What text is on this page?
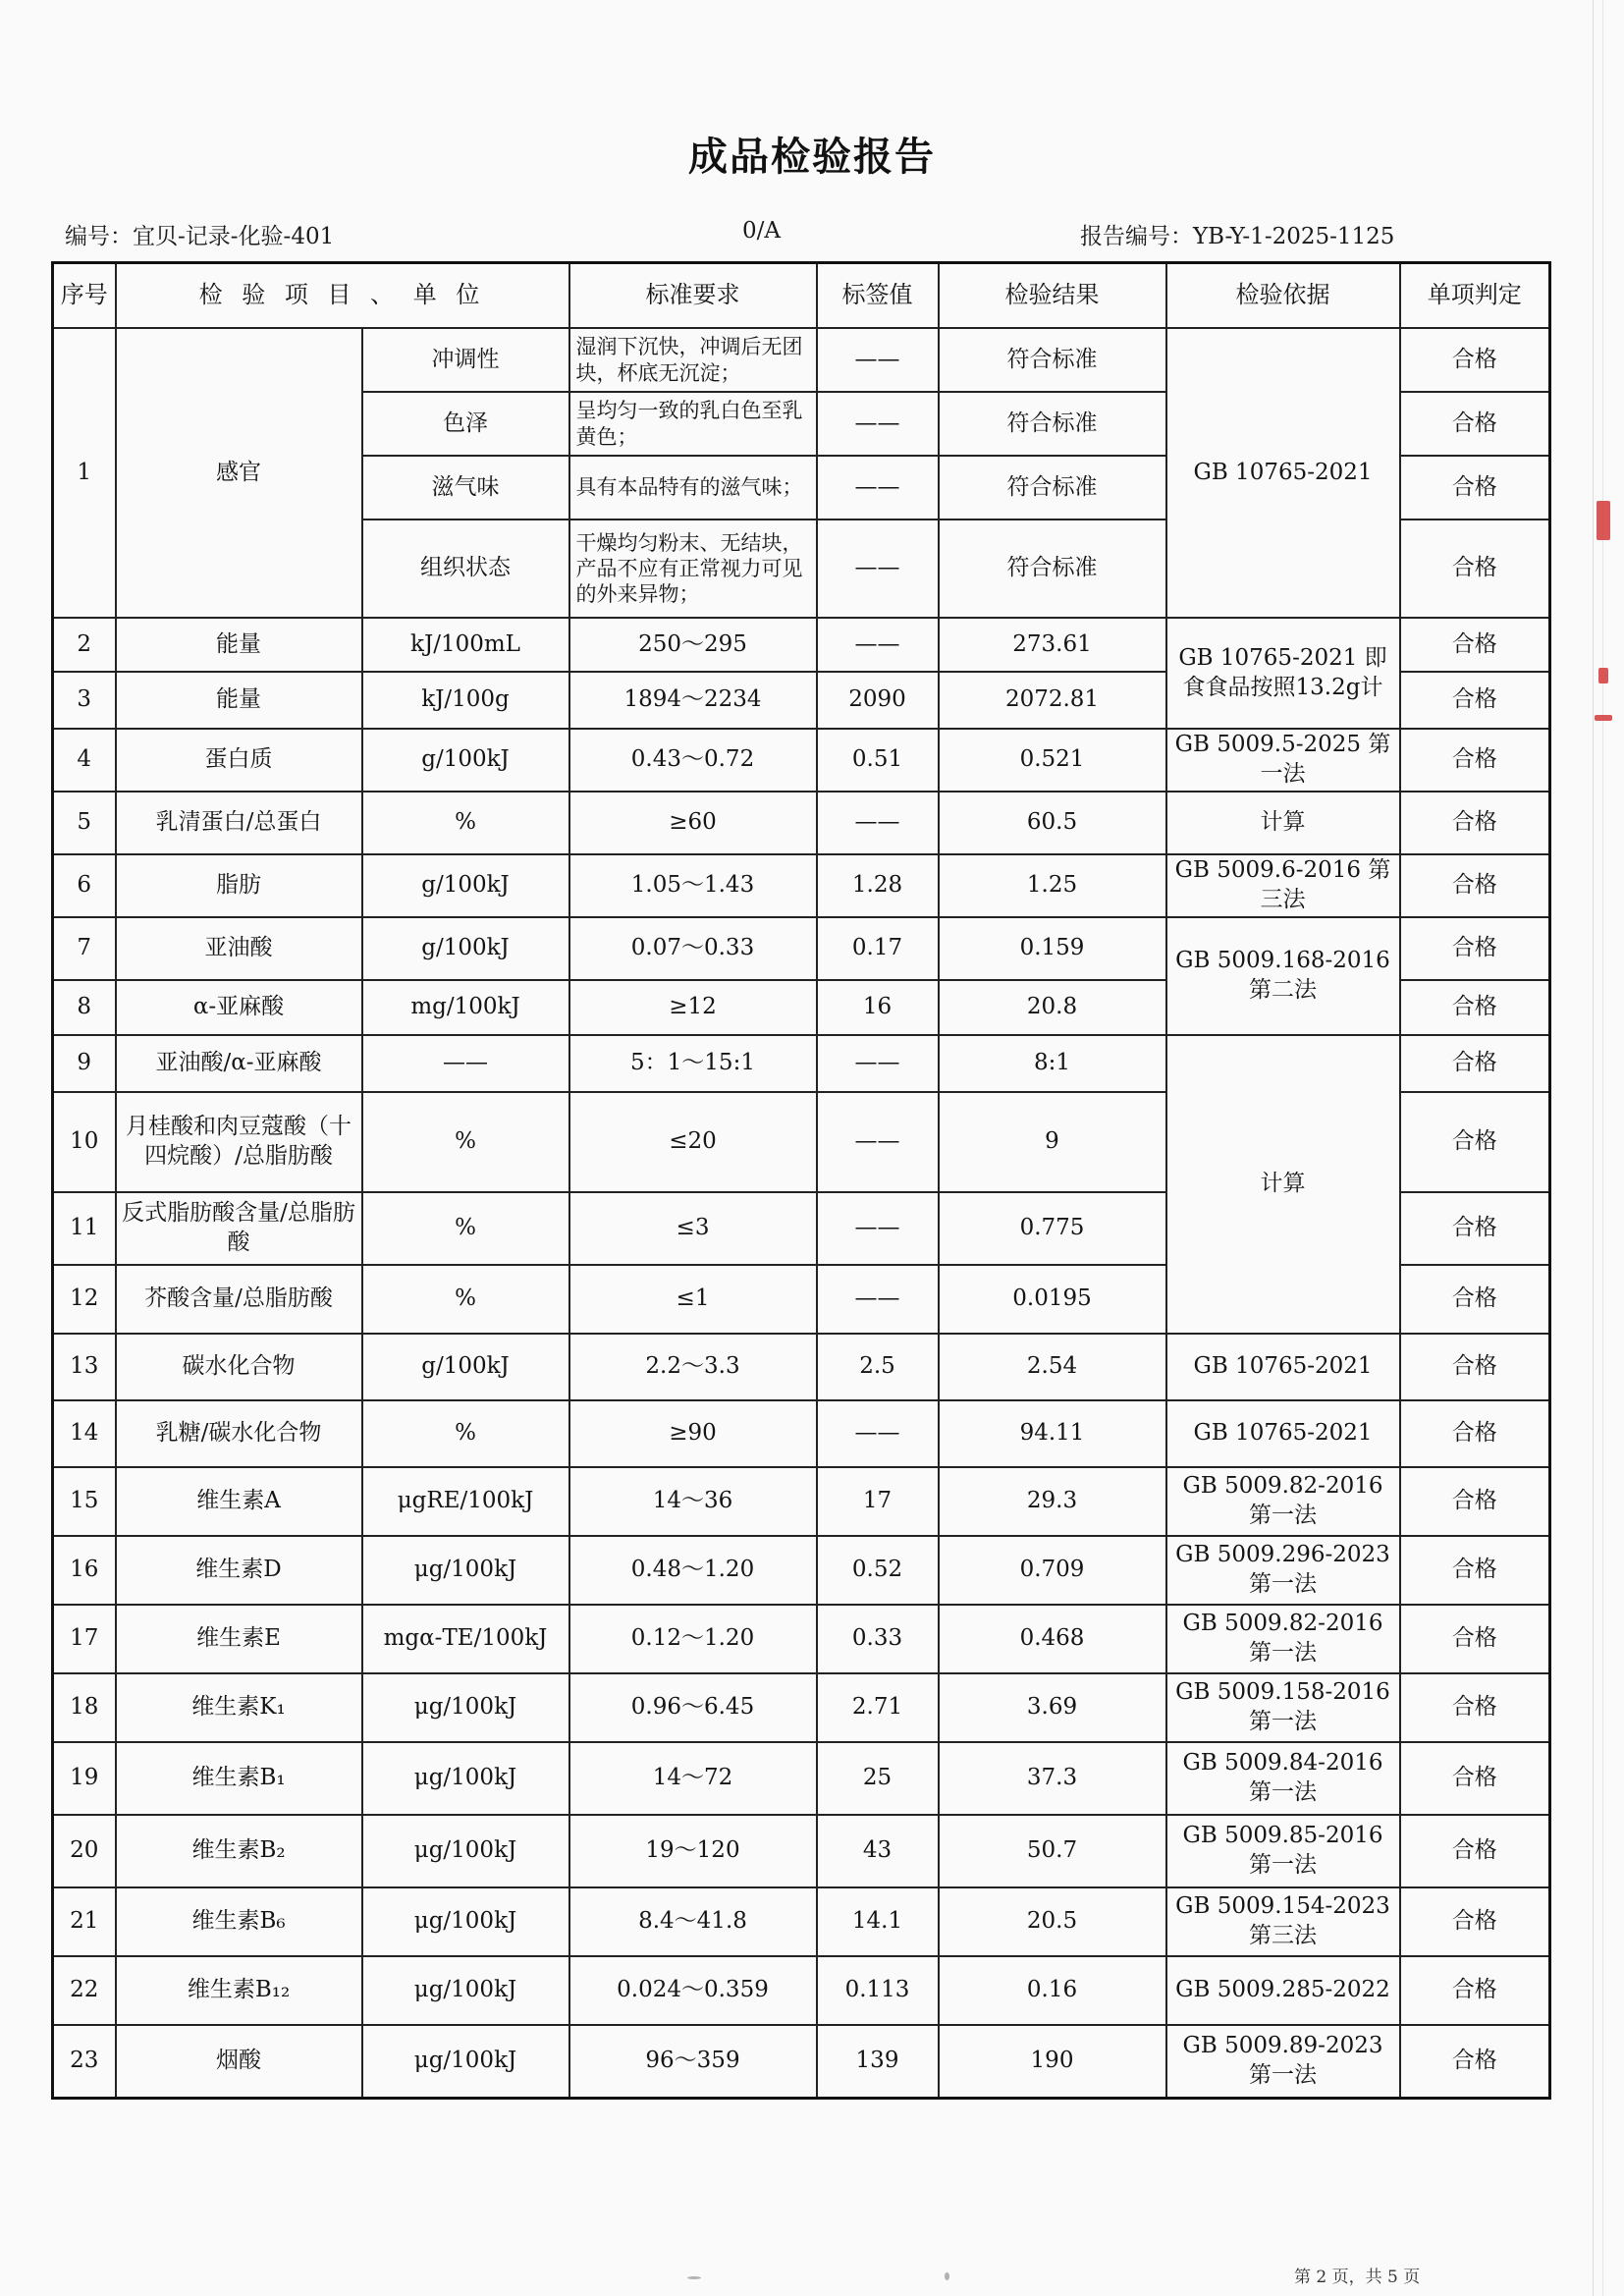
成品检验报告
编号：宜贝-记录-化验-401	0/A	报告编号：YB-Y-1-2025-1125
序号	检 验 项 目 、 单 位		标准要求	标签值	检验结果	检验依据	单项判定
1	感官	冲调性	湿润下沉快，冲调后无团块，杯底无沉淀；	——	符合标准	GB 10765-2021	合格
		色泽	呈均匀一致的乳白色至乳黄色；	——	符合标准		合格
		滋气味	具有本品特有的滋气味；	——	符合标准		合格
		组织状态	干燥均匀粉末、无结块，产品不应有正常视力可见的外来异物；	——	符合标准		合格
2	能量	kJ/100mL	250～295	——	273.61	GB 10765-2021 即食食品按照13.2g计	合格
3	能量	kJ/100g	1894～2234	2090	2072.81		合格
4	蛋白质	g/100kJ	0.43～0.72	0.51	0.521	GB 5009.5-2025 第一法	合格
5	乳清蛋白/总蛋白	%	≥60	——	60.5	计算	合格
6	脂肪	g/100kJ	1.05～1.43	1.28	1.25	GB 5009.6-2016 第三法	合格
7	亚油酸	g/100kJ	0.07～0.33	0.17	0.159	GB 5009.168-2016 第二法	合格
8	α-亚麻酸	mg/100kJ	≥12	16	20.8		合格
9	亚油酸/α-亚麻酸	——	5：1～15:1	——	8:1	计算	合格
10	月桂酸和肉豆蔻酸（十四烷酸）/总脂肪酸	%	≤20	——	9		合格
11	反式脂肪酸含量/总脂肪酸	%	≤3	——	0.775		合格
12	芥酸含量/总脂肪酸	%	≤1	——	0.0195		合格
13	碳水化合物	g/100kJ	2.2～3.3	2.5	2.54	GB 10765-2021	合格
14	乳糖/碳水化合物	%	≥90	——	94.11	GB 10765-2021	合格
15	维生素A	μgRE/100kJ	14～36	17	29.3	GB 5009.82-2016 第一法	合格
16	维生素D	μg/100kJ	0.48～1.20	0.52	0.709	GB 5009.296-2023 第一法	合格
17	维生素E	mgα-TE/100kJ	0.12～1.20	0.33	0.468	GB 5009.82-2016 第一法	合格
18	维生素K₁	μg/100kJ	0.96～6.45	2.71	3.69	GB 5009.158-2016 第一法	合格
19	维生素B₁	μg/100kJ	14～72	25	37.3	GB 5009.84-2016 第一法	合格
20	维生素B₂	μg/100kJ	19～120	43	50.7	GB 5009.85-2016 第一法	合格
21	维生素B₆	μg/100kJ	8.4～41.8	14.1	20.5	GB 5009.154-2023 第三法	合格
22	维生素B₁₂	μg/100kJ	0.024～0.359	0.113	0.16	GB 5009.285-2022	合格
23	烟酸	μg/100kJ	96～359	139	190	GB 5009.89-2023 第一法	合格
第 2 页，共 5 页
